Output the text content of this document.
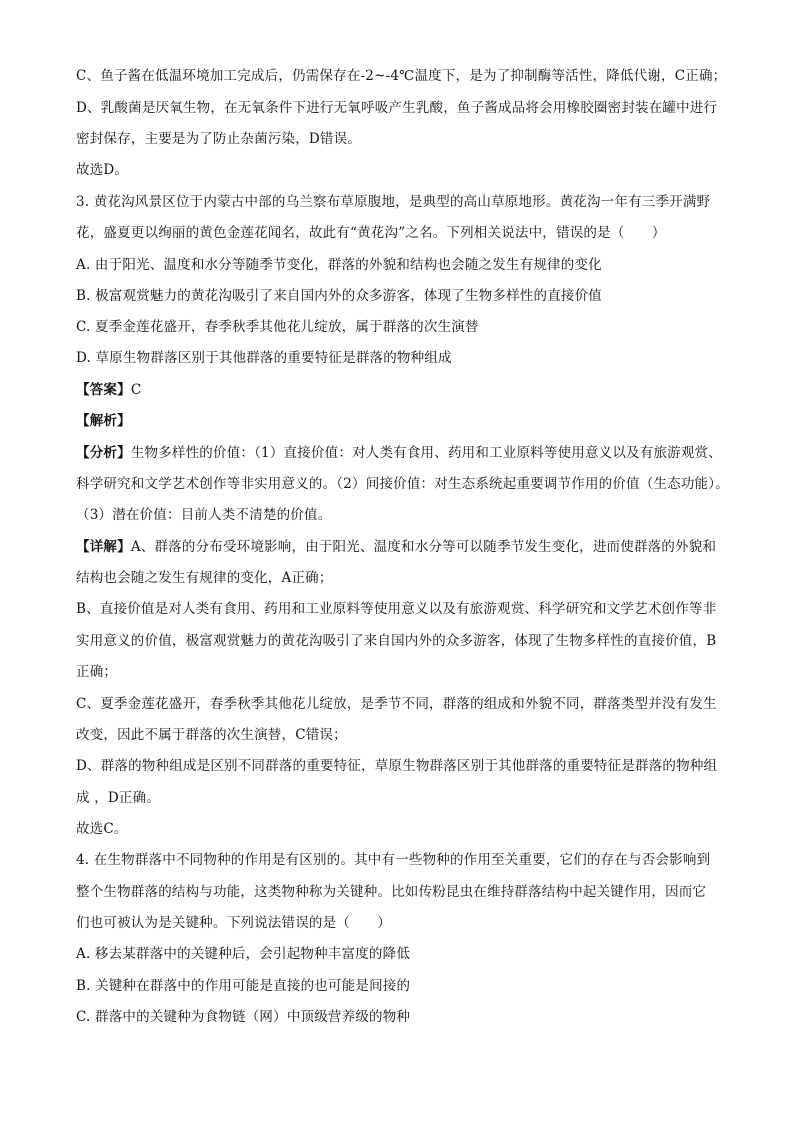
C、鱼子酱在低温环境加工完成后，仍需保存在-2~-4℃温度下，是为了抑制酶等活性，降低代谢，C正确；
D、乳酸菌是厌氧生物，在无氧条件下进行无氧呼吸产生乳酸，鱼子酱成品将会用橡胶圈密封装在罐中进行
密封保存，主要是为了防止杂菌污染，D错误。
故选D。
3. 黄花沟风景区位于内蒙古中部的乌兰察布草原腹地，是典型的高山草原地形。黄花沟一年有三季开满野
花，盛夏更以绚丽的黄色金莲花闻名，故此有“黄花沟”之名。下列相关说法中，错误的是（　　）
A. 由于阳光、温度和水分等随季节变化，群落的外貌和结构也会随之发生有规律的变化
B. 极富观赏魅力的黄花沟吸引了来自国内外的众多游客，体现了生物多样性的直接价值
C. 夏季金莲花盛开，春季秋季其他花儿绽放，属于群落的次生演替
D. 草原生物群落区别于其他群落的重要特征是群落的物种组成
【答案】C
【解析】
【分析】生物多样性的价值：（1）直接价值：对人类有食用、药用和工业原料等使用意义以及有旅游观赏、
科学研究和文学艺术创作等非实用意义的。（2）间接价值：对生态系统起重要调节作用的价值（生态功能）。
（3）潜在价值：目前人类不清楚的价值。
【详解】A、群落的分布受环境影响，由于阳光、温度和水分等可以随季节发生变化，进而使群落的外貌和
结构也会随之发生有规律的变化，A正确；
B、直接价值是对人类有食用、药用和工业原料等使用意义以及有旅游观赏、科学研究和文学艺术创作等非
实用意义的价值，极富观赏魅力的黄花沟吸引了来自国内外的众多游客，体现了生物多样性的直接价值，B
正确；
C、夏季金莲花盛开，春季秋季其他花儿绽放，是季节不同，群落的组成和外貌不同，群落类型并没有发生
改变，因此不属于群落的次生演替，C错误；
D、群落的物种组成是区别不同群落的重要特征，草原生物群落区别于其他群落的重要特征是群落的物种组
成 ，D正确。
故选C。
4. 在生物群落中不同物种的作用是有区别的。其中有一些物种的作用至关重要，它们的存在与否会影响到
整个生物群落的结构与功能，这类物种称为关键种。比如传粉昆虫在维持群落结构中起关键作用，因而它
们也可被认为是关键种。下列说法错误的是（　　）
A. 移去某群落中的关键种后，会引起物种丰富度的降低
B. 关键种在群落中的作用可能是直接的也可能是间接的
C. 群落中的关键种为食物链（网）中顶级营养级的物种
